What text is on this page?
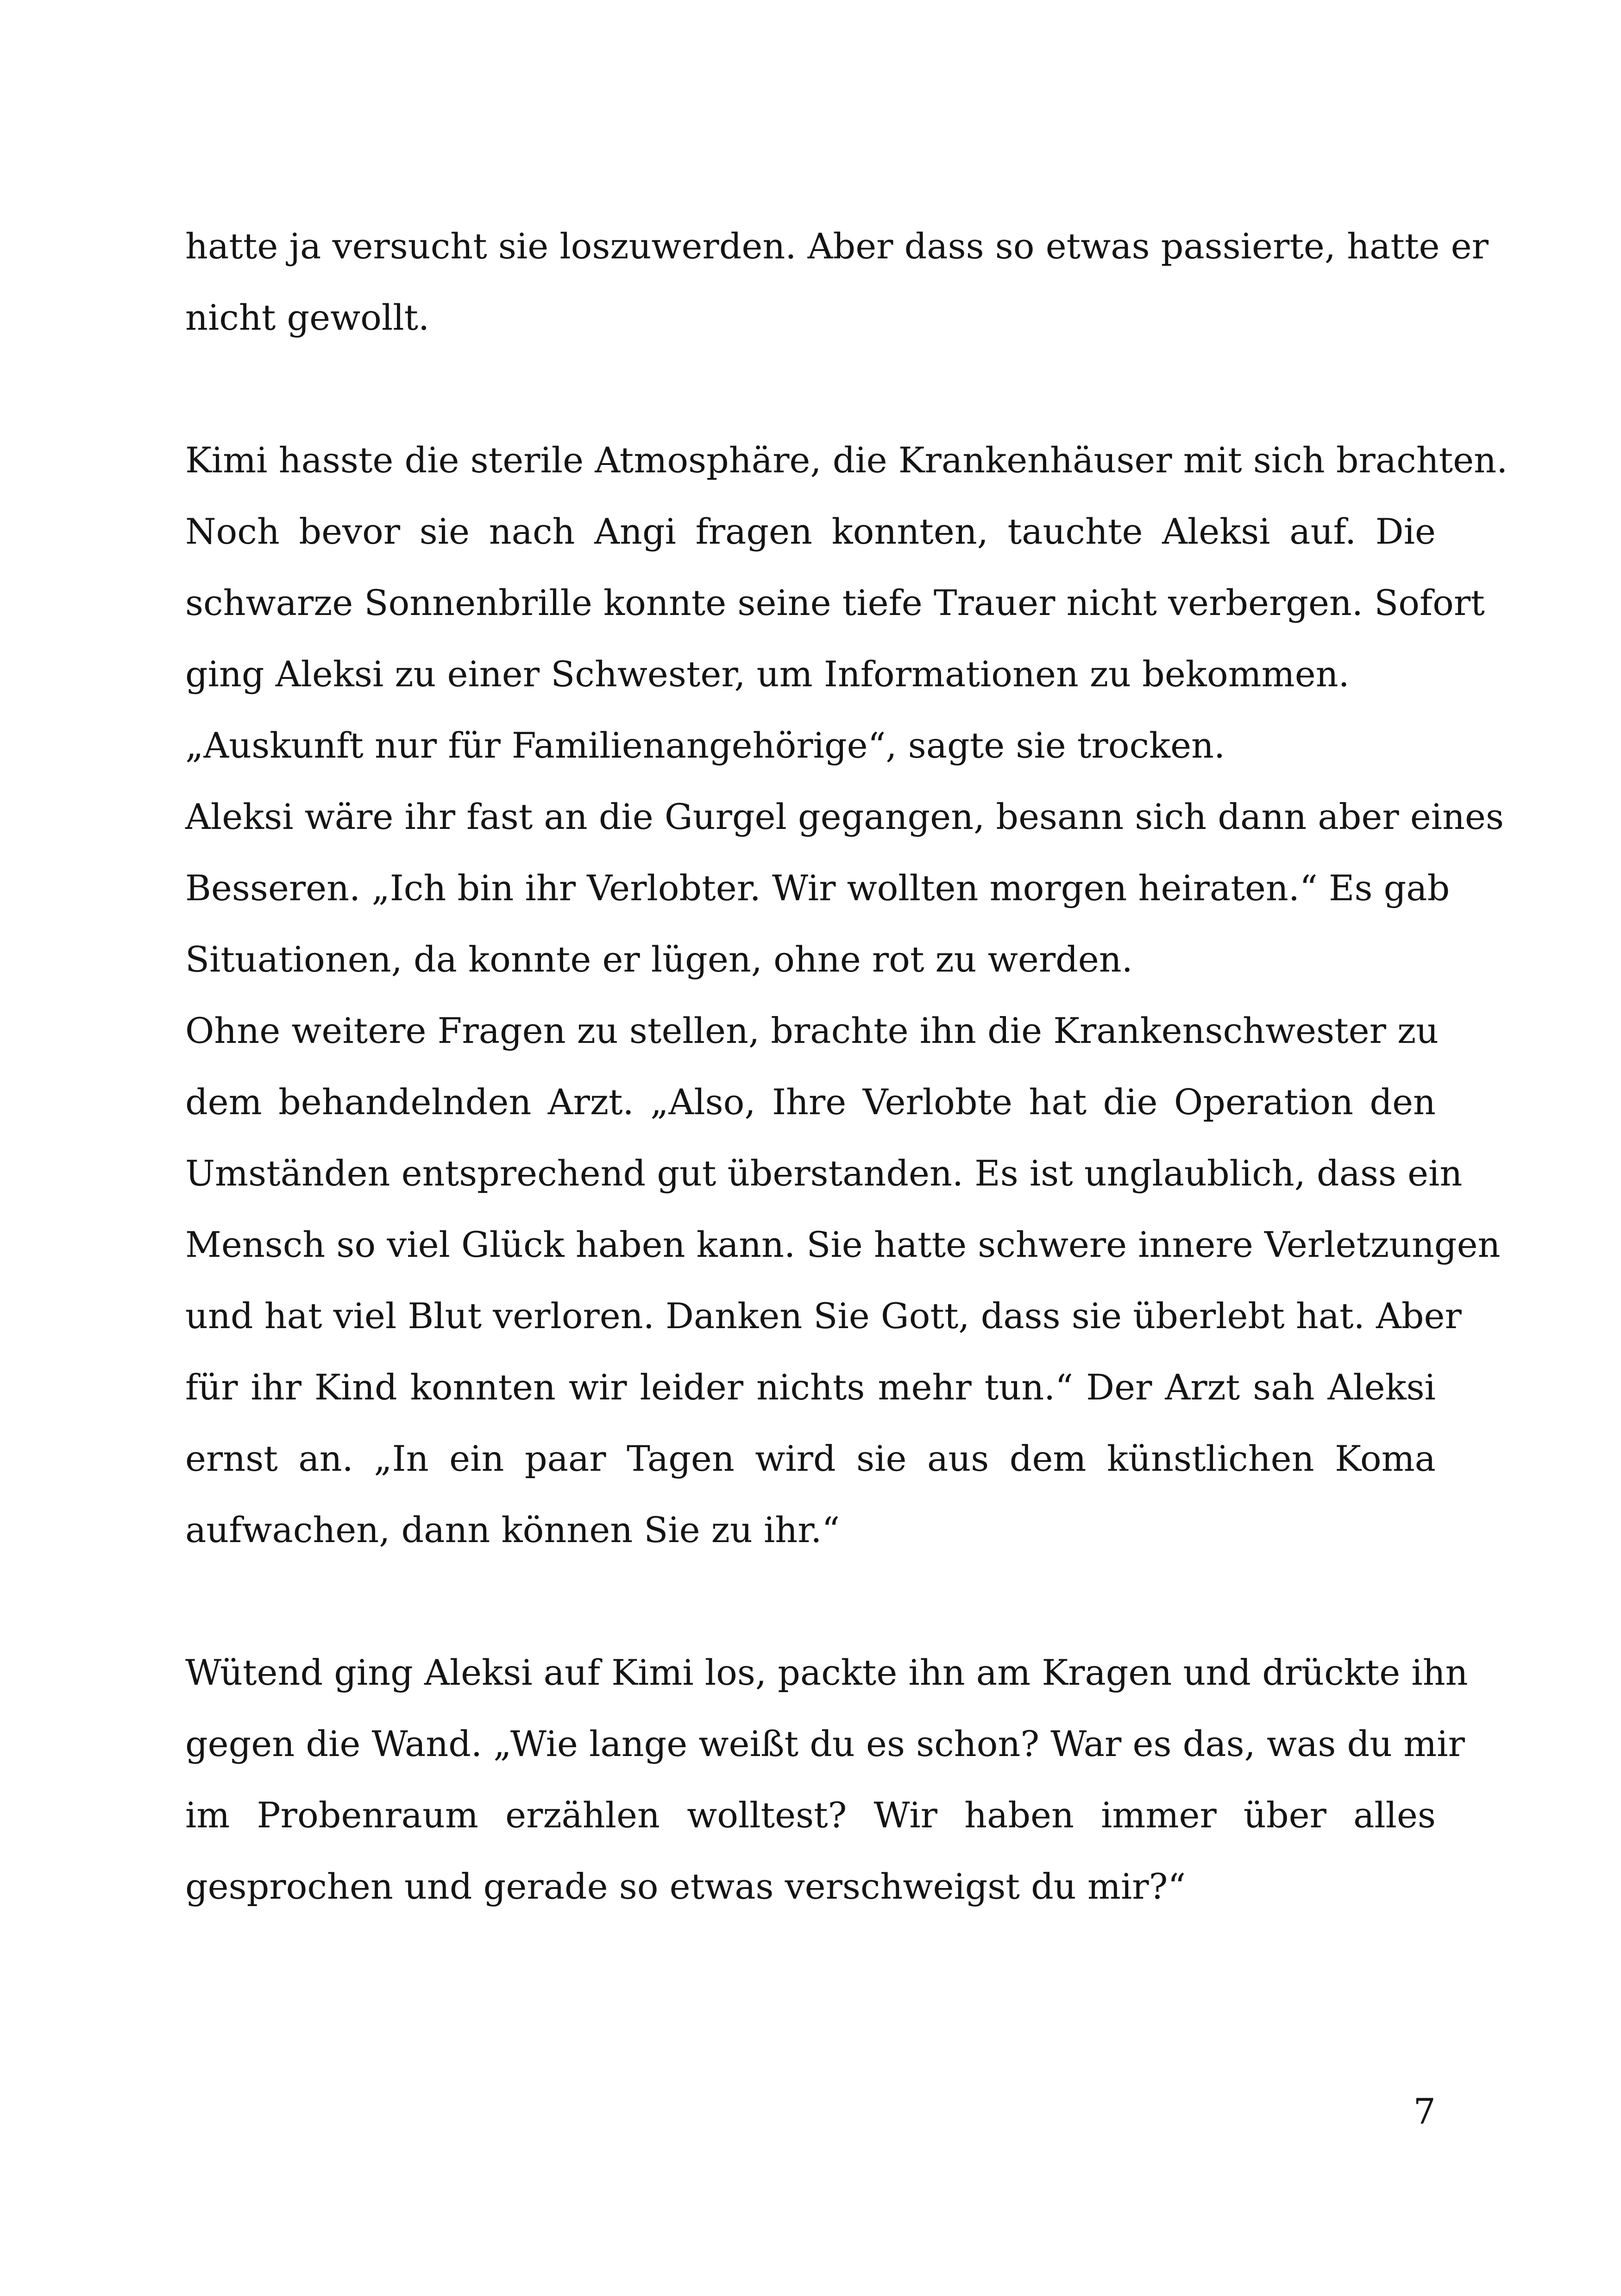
hatte ja versucht sie loszuwerden. Aber dass so etwas passierte, hatte er
nicht gewollt.
Kimi hasste die sterile Atmosphäre, die Krankenhäuser mit sich brachten.
Noch bevor sie nach Angi fragen konnten, tauchte Aleksi auf. Die
schwarze Sonnenbrille konnte seine tiefe Trauer nicht verbergen. Sofort
ging Aleksi zu einer Schwester, um Informationen zu bekommen.
„Auskunft nur für Familienangehörige“, sagte sie trocken.
Aleksi wäre ihr fast an die Gurgel gegangen, besann sich dann aber eines
Besseren. „Ich bin ihr Verlobter. Wir wollten morgen heiraten.“ Es gab
Situationen, da konnte er lügen, ohne rot zu werden.
Ohne weitere Fragen zu stellen, brachte ihn die Krankenschwester zu
dem behandelnden Arzt. „Also, Ihre Verlobte hat die Operation den
Umständen entsprechend gut überstanden. Es ist unglaublich, dass ein
Mensch so viel Glück haben kann. Sie hatte schwere innere Verletzungen
und hat viel Blut verloren. Danken Sie Gott, dass sie überlebt hat. Aber
für ihr Kind konnten wir leider nichts mehr tun.“ Der Arzt sah Aleksi
ernst an. „In ein paar Tagen wird sie aus dem künstlichen Koma
aufwachen, dann können Sie zu ihr.“
Wütend ging Aleksi auf Kimi los, packte ihn am Kragen und drückte ihn
gegen die Wand. „Wie lange weißt du es schon? War es das, was du mir
im Probenraum erzählen wolltest? Wir haben immer über alles
gesprochen und gerade so etwas verschweigst du mir?“
7
